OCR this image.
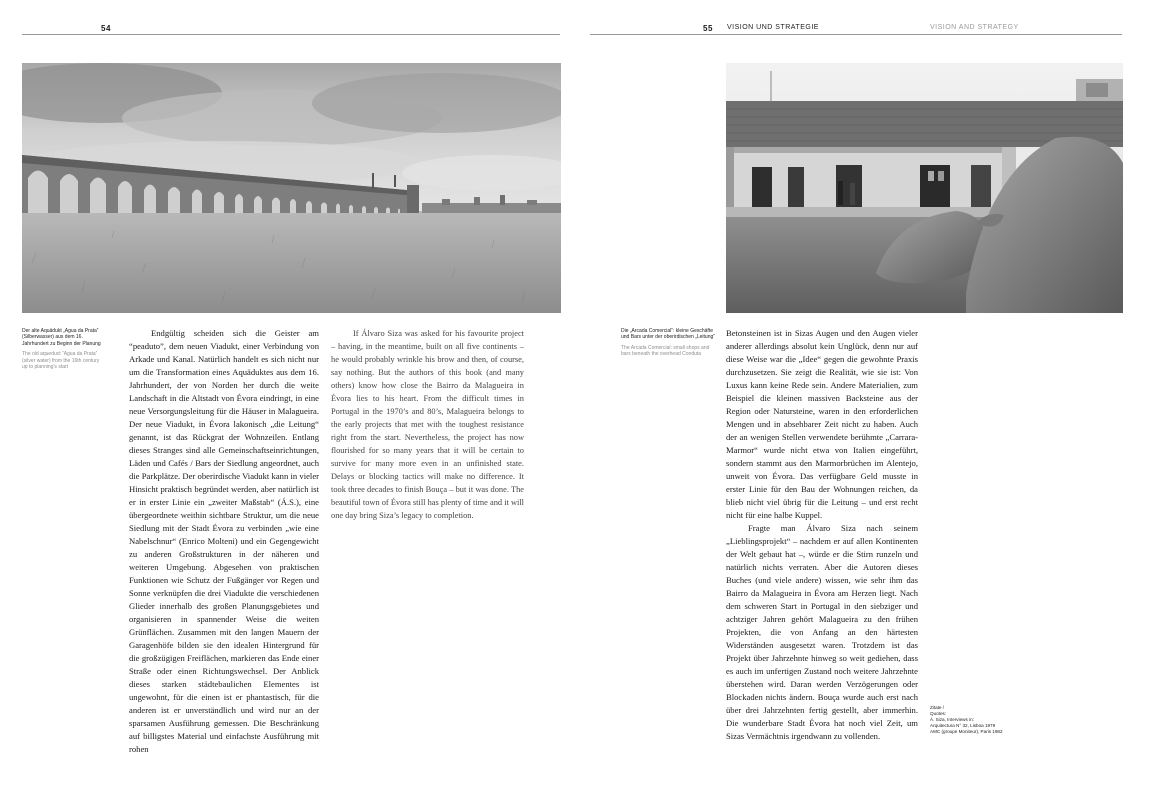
54	55 VISION UND STRATEGIE	VISION AND STRATEGY
Der alte Aquädukt „Agua da Prata“ (Silberwasser) aus dem 16. Jahrhundert zu Beginn der Planung
The old aqueduct “Agua da Prata” (silver water) from the 16th century up to planning’s start
Die „Arcada Comercial“: kleine Geschäfte und Bars unter der oberirdischen „Leitung“
The Arcada Comercial: small shops and bars beneath the overhead Conduta

Endgültig scheiden sich die Geister am “peaduto”, dem neuen Viadukt, einer Verbindung von Arkade und Kanal. Natürlich handelt es sich nicht nur um die Transformation eines Aquäduktes aus dem 16. Jahrhundert, der von Norden her durch die weite Landschaft in die Altstadt von Évora eindringt, in eine neue Versorgungsleitung für die Häuser in Malagueira. Der neue Viadukt, in Évora lakonisch „die Leitung“ genannt, ist das Rückgrat der Wohnzeilen. Entlang dieses Stranges sind alle Gemeinschaftseinrichtungen, Läden und Cafés / Bars der Siedlung angeordnet, auch die Parkplätze. Der oberirdische Viadukt kann in vieler Hinsicht praktisch begründet werden, aber natürlich ist er in erster Linie ein „zweiter Maßstab“ (Á.S.), eine übergeordnete weithin sichtbare Struktur, um die neue Siedlung mit der Stadt Évora zu verbinden „wie eine Nabelschnur“ (Enrico Molteni) und ein Gegengewicht zu anderen Großstrukturen in der näheren und weiteren Umgebung. Abgesehen von praktischen Funktionen wie Schutz der Fußgänger vor Regen und Sonne verknüpfen die drei Viadukte die verschiedenen Glieder innerhalb des großen Planungsgebietes und organisieren in spannender Weise die weiten Grünflächen. Zusammen mit den langen Mauern der Garagenhöfe bilden sie den idealen Hintergrund für die großzügigen Freiflächen, markieren das Ende einer Straße oder einen Richtungswechsel. Der Anblick dieses starken städtebaulichen Elementes ist ungewohnt, für die einen ist er phantastisch, für die anderen ist er unverständlich und wird nur an der sparsamen Ausführung gemessen. Die Beschränkung auf billigstes Material und einfachste Ausführung mit rohen

If Álvaro Siza was asked for his favourite project – having, in the meantime, built on all five continents – he would probably wrinkle his brow and then, of course, say nothing. But the authors of this book (and many others) know how close the Bairro da Malagueira in Évora lies to his heart. From the difficult times in Portugal in the 1970’s and 80’s, Malagueira belongs to the early projects that met with the toughest resistance right from the start. Nevertheless, the project has now flourished for so many years that it will be certain to survive for many more even in an unfinished state. Delays or blocking tactics will make no difference. It took three decades to finish Bouça – but it was done. The beautiful town of Évora still has plenty of time and it will one day bring Siza’s legacy to completion.

Betonsteinen ist in Sizas Augen und den Augen vieler anderer allerdings absolut kein Unglück, denn nur auf diese Weise war die „Idee“ gegen die gewohnte Praxis durchzusetzen. Sie zeigt die Realität, wie sie ist: Von Luxus kann keine Rede sein. Andere Materialien, zum Beispiel die kleinen massiven Backsteine aus der Region oder Natursteine, waren in den erforderlichen Mengen und in absehbarer Zeit nicht zu haben. Auch der an wenigen Stellen verwendete berühmte „Carrara-Marmor“ wurde nicht etwa von Italien eingeführt, sondern stammt aus den Marmorbrüchen im Alentejo, unweit von Évora. Das verfügbare Geld musste in erster Linie für den Bau der Wohnungen reichen, da blieb nicht viel übrig für die Leitung – und erst recht nicht für eine halbe Kuppel.

Fragte man Álvaro Siza nach seinem „Lieblingsprojekt“ – nachdem er auf allen Kontinenten der Welt gebaut hat –, würde er die Stirn runzeln und natürlich nichts verraten. Aber die Autoren dieses Buches (und viele andere) wissen, wie sehr ihm das Bairro da Malagueira in Évora am Herzen liegt. Nach dem schweren Start in Portugal in den siebziger und achtziger Jahren gehört Malagueira zu den frühen Projekten, die von Anfang an den härtesten Widerständen ausgesetzt waren. Trotzdem ist das Projekt über Jahrzehnte hinweg so weit gediehen, dass es auch im unfertigen Zustand noch weitere Jahrzehnte überstehen wird. Daran werden Verzögerungen oder Blockaden nichts ändern. Bouça wurde auch erst nach über drei Jahrzehnten fertig gestellt, aber immerhin. Die wunderbare Stadt Évora hat noch viel Zeit, um Sizas Vermächtnis irgendwann zu vollenden.

Zitate /
Quotes:
Á. Siza, Interviews in:
Arquitectura N° 32, Lisboa 1979
AMC (groupe Moniteur), Paris 1982
